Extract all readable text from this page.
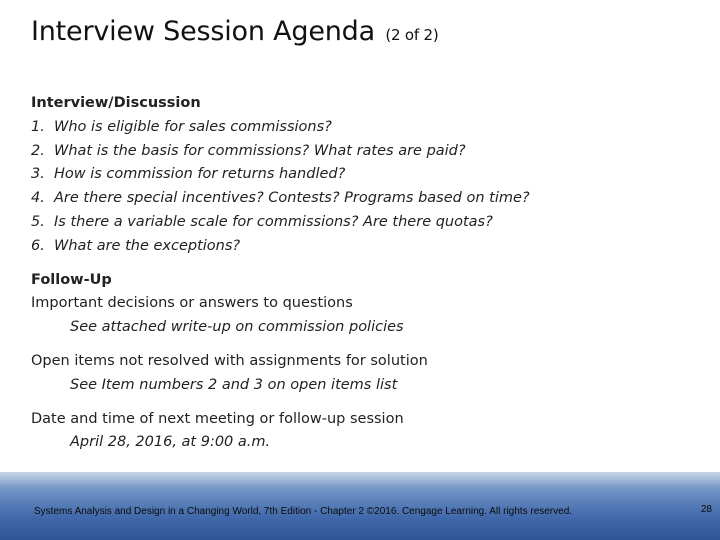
Interview Session Agenda (2 of 2)
Interview/Discussion
1. Who is eligible for sales commissions?
2. What is the basis for commissions? What rates are paid?
3. How is commission for returns handled?
4. Are there special incentives? Contests? Programs based on time?
5. Is there a variable scale for commissions? Are there quotas?
6. What are the exceptions?
Follow-Up
Important decisions or answers to questions
See attached write-up on commission policies
Open items not resolved with assignments for solution
See Item numbers 2 and 3 on open items list
Date and time of next meeting or follow-up session
April 28, 2016, at 9:00 a.m.
Systems Analysis and Design in a Changing World, 7th Edition - Chapter 2 ©2016. Cengage Learning. All rights reserved.	28
